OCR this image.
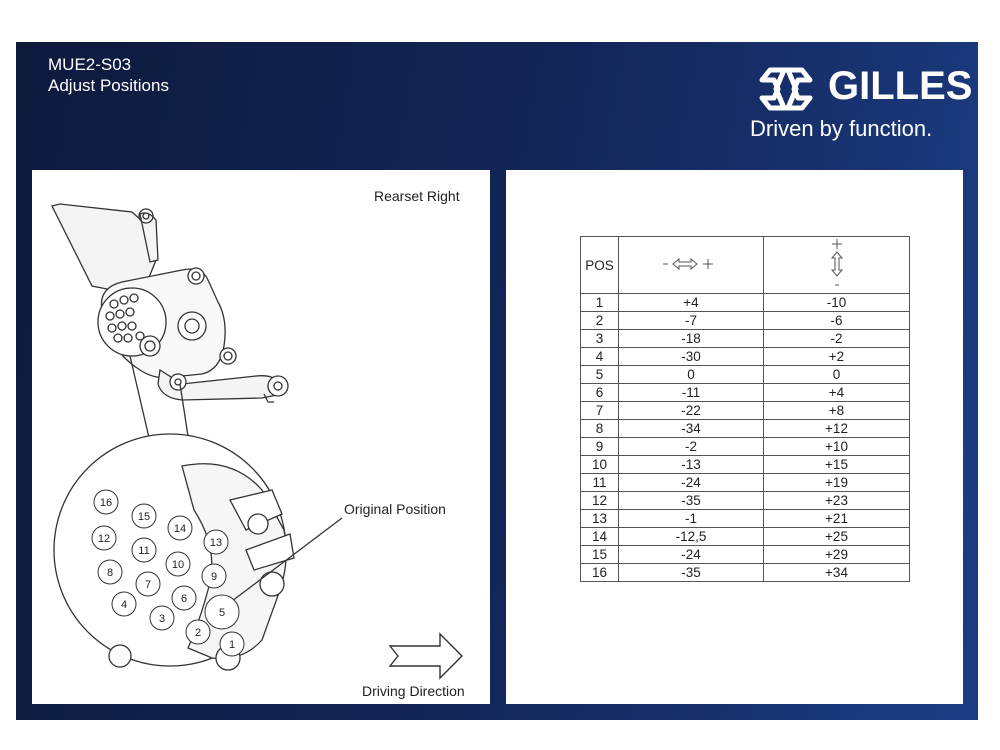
MUE2-S03
Adjust Positions	GILLES
Driven by function.
1
2
3
4
5
6
7
8	9
10
11
12	13
14
15
16
Rearset Right
Original Position
Driving Direction
POS		
1	+4	-10
2	-7	-6
3	-18	-2
4	-30	+2
5	0	0
6	-11	+4
7	-22	+8
8	-34	+12
9	-2	+10
10	-13	+15
11	-24	+19
12	-35	+23
13	-1	+21
14	-12,5	+25
15	-24	+29
16	-35	+34
